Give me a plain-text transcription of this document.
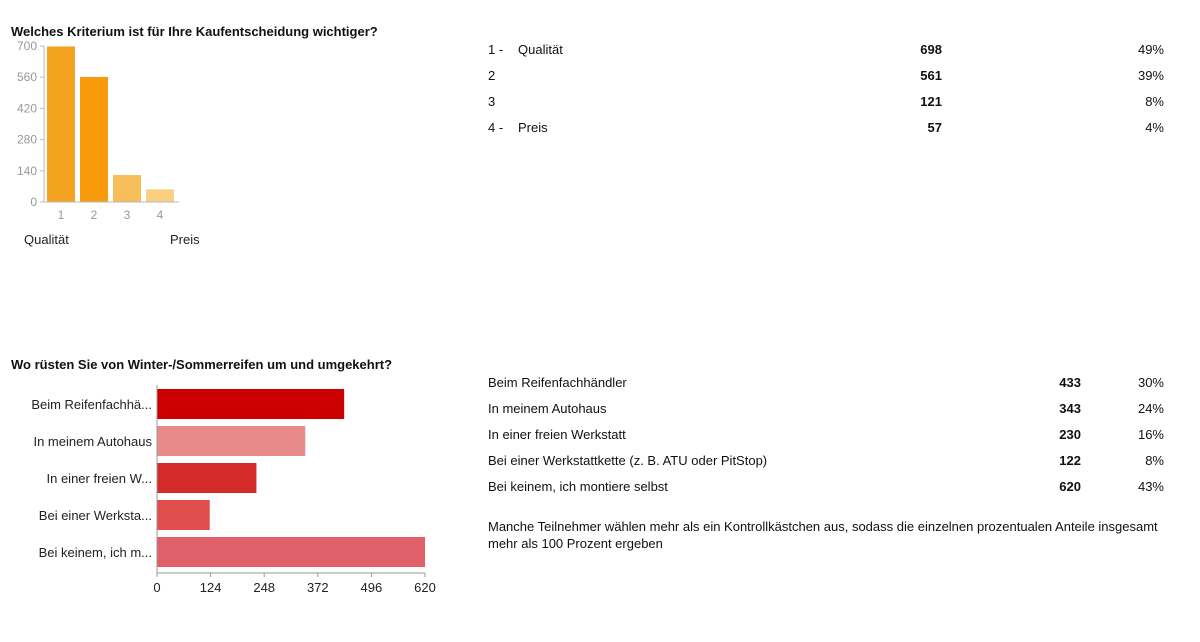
Welches Kriterium ist für Ihre Kaufentscheidung wichtiger?
0
140
280
420
560
700
1 2 3 4
Qualität	Preis
1 - Qualität	698	49%
2	561	39%
3	121	8%
4 - Preis	57	4%
Wo rüsten Sie von Winter-/Sommerreifen um und umgekehrt?
Beim Reifenfachhä...
In meinem Autohaus
In einer freien W...
Bei einer Werksta...
Bei keinem, ich m...
0	124 248 372 496 620
Beim Reifenfachhändler	433	30%
In meinem Autohaus	343	24%
In einer freien Werkstatt	230	16%
Bei einer Werkstattkette (z. B. ATU oder PitStop)	122	8%
Bei keinem, ich montiere selbst	620	43%
Manche Teilnehmer wählen mehr als ein Kontrollkästchen aus, sodass die einzelnen prozentualen Anteile insgesamt mehr als 100 Prozent ergeben
